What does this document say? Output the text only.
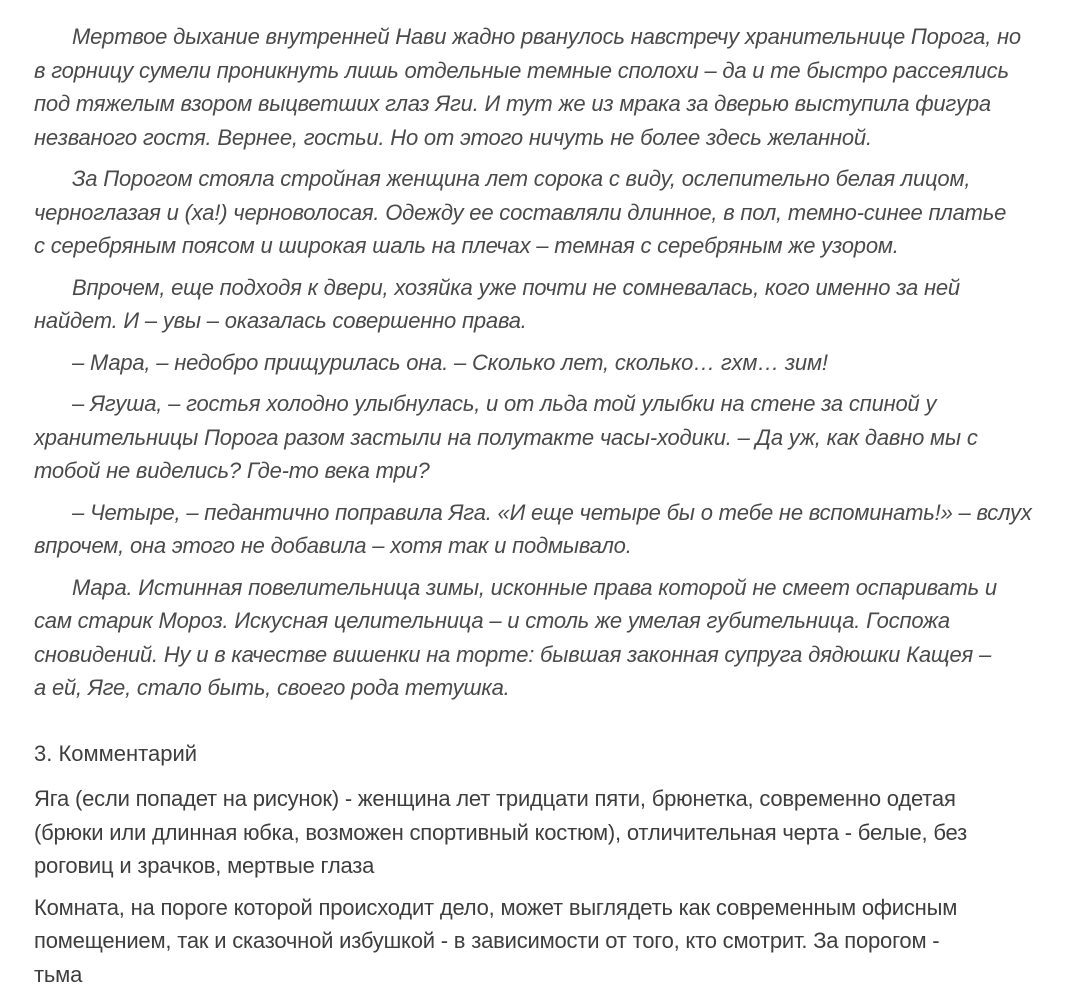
Мертвое дыхание внутренней Нави жадно рванулось навстречу хранительнице Порога, но
в горницу сумели проникнуть лишь отдельные темные сполохи – да и те быстро рассеялись
под тяжелым взором выцветших глаз Яги. И тут же из мрака за дверью выступила фигура
незваного гостя. Вернее, гостьи. Но от этого ничуть не более здесь желанной.
За Порогом стояла стройная женщина лет сорока с виду, ослепительно белая лицом,
черноглазая и (ха!) черноволосая. Одежду ее составляли длинное, в пол, темно-синее платье
с серебряным поясом и широкая шаль на плечах – темная с серебряным же узором.
Впрочем, еще подходя к двери, хозяйка уже почти не сомневалась, кого именно за ней
найдет. И – увы – оказалась совершенно права.
– Мара, – недобро прищурилась она. – Сколько лет, сколько… гхм… зим!
– Ягуша, – гостья холодно улыбнулась, и от льда той улыбки на стене за спиной у
хранительницы Порога разом застыли на полутакте часы-ходики. – Да уж, как давно мы с
тобой не виделись? Где-то века три?
– Четыре, – педантично поправила Яга. «И еще четыре бы о тебе не вспоминать!» – вслух
впрочем, она этого не добавила – хотя так и подмывало.
Мара. Истинная повелительница зимы, исконные права которой не смеет оспаривать и
сам старик Мороз. Искусная целительница – и столь же умелая губительница. Госпожа
сновидений. Ну и в качестве вишенки на торте: бывшая законная супруга дядюшки Кащея –
а ей, Яге, стало быть, своего рода тетушка.
3. Комментарий
Яга (если попадет на рисунок) - женщина лет тридцати пяти, брюнетка, современно одетая
(брюки или длинная юбка, возможен спортивный костюм), отличительная черта - белые, без
роговиц и зрачков, мертвые глаза
Комната, на пороге которой происходит дело, может выглядеть как современным офисным
помещением, так и сказочной избушкой - в зависимости от того, кто смотрит. За порогом -
тьма
